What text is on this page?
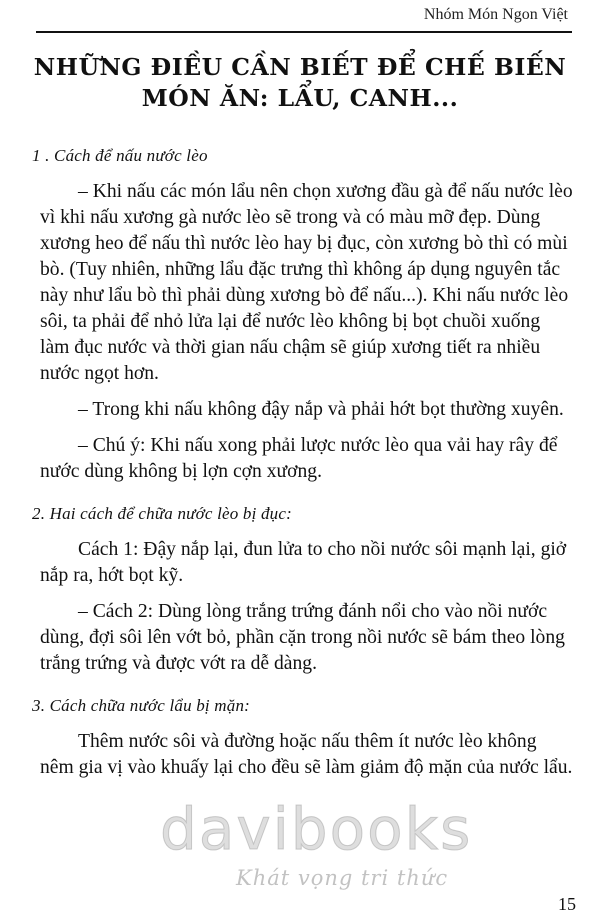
Nhóm Món Ngon Việt
NHỮNG ĐIỀU CẦN BIẾT ĐỂ CHẾ BIẾN
MÓN ĂN: LẨU, CANH...
1 . Cách để nấu nước lèo

– Khi nấu các món lẩu nên chọn xương đầu gà để nấu nước lèo vì khi nấu xương gà nước lèo sẽ trong và có màu mỡ đẹp. Dùng xương heo để nấu thì nước lèo hay bị đục, còn xương bò thì có mùi bò. (Tuy nhiên, những lẩu đặc trưng thì không áp dụng nguyên tắc này như lẩu bò thì phải dùng xương bò để nấu...). Khi nấu nước lèo sôi, ta phải để nhỏ lửa lại để nước lèo không bị bọt chuồi xuống làm đục nước và thời gian nấu chậm sẽ giúp xương tiết ra nhiều nước ngọt hơn.

– Trong khi nấu không đậy nắp và phải hớt bọt thường xuyên.

– Chú ý: Khi nấu xong phải lược nước lèo qua vải hay rây để nước dùng không bị lợn cợn xương.

2. Hai cách để chữa nước lèo bị đục:

Cách 1: Đậy nắp lại, đun lửa to cho nồi nước sôi mạnh lại, giở nắp ra, hớt bọt kỹ.

– Cách 2: Dùng lòng trắng trứng đánh nổi cho vào nồi nước dùng, đợi sôi lên vớt bỏ, phần cặn trong nồi nước sẽ bám theo lòng trắng trứng và được vớt ra dễ dàng.

3. Cách chữa nước lẩu bị mặn:

Thêm nước sôi và đường hoặc nấu thêm ít nước lèo không nêm gia vị vào khuấy lại cho đều sẽ làm giảm độ mặn của nước lẩu.

davibooks
Khát vọng tri thức
15
